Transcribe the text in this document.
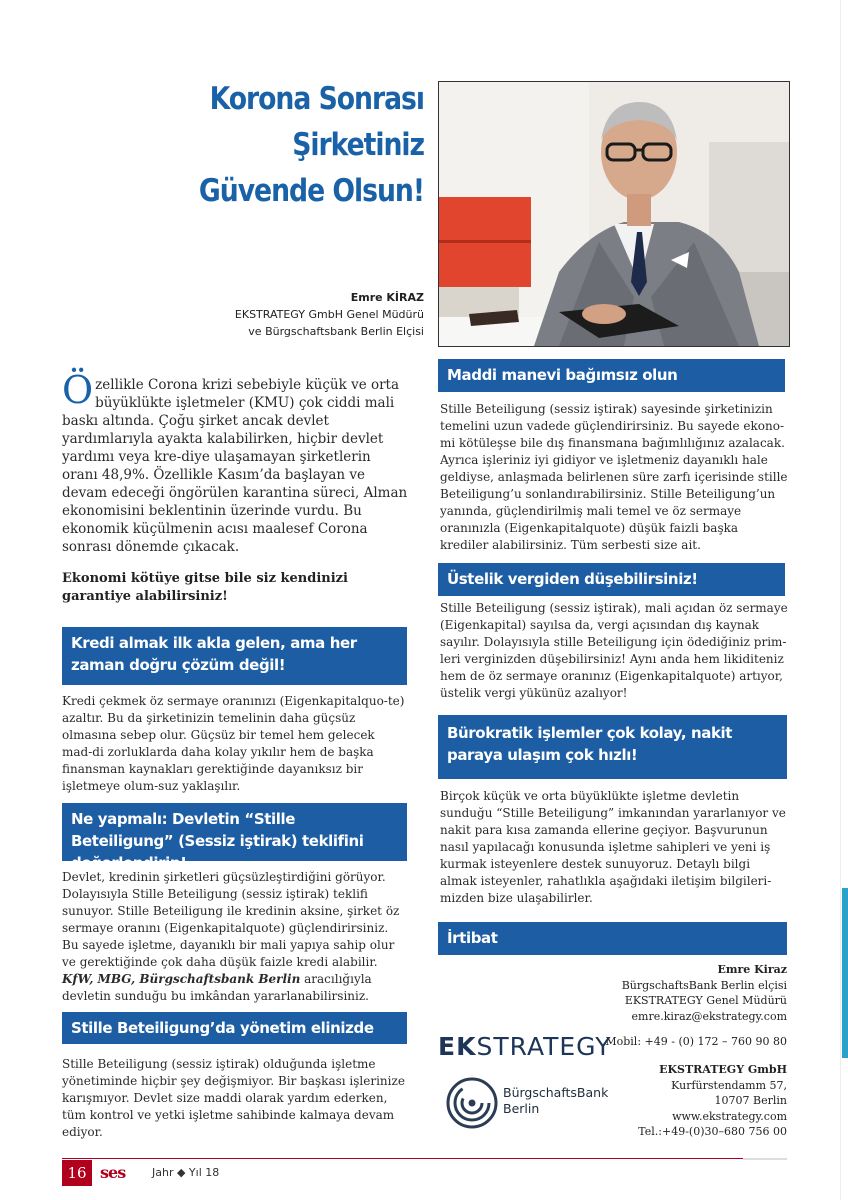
Korona Sonrası
Şirketiniz
Güvende Olsun!
Emre KİRAZ
EKSTRATEGY GmbH Genel Müdürü
ve Bürgschaftsbank Berlin Elçisi
Özellikle Corona krizi sebebiyle küçük ve orta büyüklükte işletmeler (KMU) çok ciddi mali baskı altında. Çoğu şirket ancak devlet yardımlarıyla ayakta kalabilirken, hiçbir devlet yardımı veya kre-diye ulaşamayan şirketlerin oranı 48,9%. Özellikle Kasım’da başlayan ve devam edeceği öngörülen karantina süreci, Alman ekonomisini beklentinin üzerinde vurdu. Bu ekonomik küçülmenin acısı maalesef Corona sonrası dönemde çıkacak.
Ekonomi kötüye gitse bile siz kendinizi garantiye alabilirsiniz!
Kredi almak ilk akla gelen, ama her zaman doğru çözüm değil!
Kredi çekmek öz sermaye oranınızı (Eigenkapitalquo-te) azaltır. Bu da şirketinizin temelinin daha güçsüz olmasına sebep olur. Güçsüz bir temel hem gelecek mad-di zorluklarda daha kolay yıkılır hem de başka finansman kaynakları gerektiğinde dayanıksız bir işletmeye olum-suz yaklaşılır.
Ne yapmalı: Devletin “Stille Beteiligung” (Sessiz iştirak) teklifini değerlendirin!
Devlet, kredinin şirketleri güçsüzleştirdiğini görüyor. Dolayısıyla Stille Beteiligung (sessiz iştirak) teklifi sunuyor. Stille Beteiligung ile kredinin aksine, şirket öz sermaye oranını (Eigenkapitalquote) güçlendirirsiniz. Bu sayede işletme, dayanıklı bir mali yapıya sahip olur ve gerektiğinde çok daha düşük faizle kredi alabilir. KfW, MBG, Bürgschaftsbank Berlin aracılığıyla devletin sunduğu bu imkândan yararlanabilirsiniz.
Stille Beteiligung’da yönetim elinizde
Stille Beteiligung (sessiz iştirak) olduğunda işletme yönetiminde hiçbir şey değişmiyor. Bir başkası işlerinize karışmıyor. Devlet size maddi olarak yardım ederken, tüm kontrol ve yetki işletme sahibinde kalmaya devam ediyor.
Maddi manevi bağımsız olun
Stille Beteiligung (sessiz iştirak) sayesinde şirketinizin temelini uzun vadede güçlendirirsiniz. Bu sayede ekono-mi kötüleşse bile dış finansmana bağımlılığınız azalacak. Ayrıca işleriniz iyi gidiyor ve işletmeniz dayanıklı hale geldiyse, anlaşmada belirlenen süre zarfı içerisinde stille Beteiligung’u sonlandırabilirsiniz. Stille Beteiligung’un yanında, güçlendirilmiş mali temel ve öz sermaye oranınızla (Eigenkapitalquote) düşük faizli başka krediler alabilirsiniz. Tüm serbesti size ait.
Üstelik vergiden düşebilirsiniz!
Stille Beteiligung (sessiz iştirak), mali açıdan öz sermaye (Eigenkapital) sayılsa da, vergi açısından dış kaynak sayılır. Dolayısıyla stille Beteiligung için ödediğiniz prim-leri verginizden düşebilirsiniz! Aynı anda hem likiditeniz hem de öz sermaye oranınız (Eigenkapitalquote) artıyor, üstelik vergi yükünüz azalıyor!
Bürokratik işlemler çok kolay, nakit paraya ulaşım çok hızlı!
Birçok küçük ve orta büyüklükte işletme devletin sunduğu “Stille Beteiligung” imkanından yararlanıyor ve nakit para kısa zamanda ellerine geçiyor. Başvurunun nasıl yapılacağı konusunda işletme sahipleri ve yeni iş kurmak isteyenlere destek sunuyoruz. Detaylı bilgi almak isteyenler, rahatlıkla aşağıdaki iletişim bilgileri-mizden bize ulaşabilirler.
İrtibat
Emre Kiraz
BürgschaftsBank Berlin elçisi
EKSTRATEGY Genel Müdürü
emre.kiraz@ekstrategy.com
Mobil: +49 - (0) 172 – 760 90 80
EKSTRATEGY GmbH
Kurfürstendamm 57,
10707 Berlin
www.ekstrategy.com
Tel.:+49-(0)30–680 756 00
EKSTRATEGY
BürgschaftsBank
Berlin
16 ses Jahr ◆ Yıl 18
